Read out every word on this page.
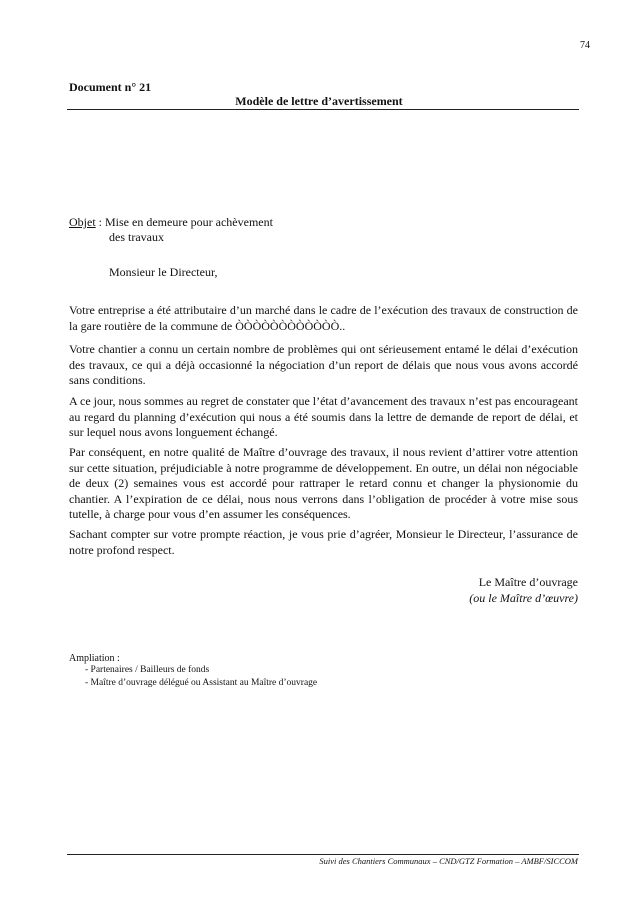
74
Document n° 21
Modèle de lettre d’avertissement
Objet : Mise en demeure pour achèvement
des travaux
Monsieur le Directeur,

Votre entreprise a été attributaire d’un marché dans le cadre de l’exécution des travaux de construction de la gare routière de la commune de ÒÒÒÒÒÒÒÒÒÒÒÒ..

Votre chantier a connu un certain nombre de problèmes qui ont sérieusement entamé le délai d’exécution des travaux, ce qui a déjà occasionné la négociation d’un report de délais que nous vous avons accordé sans conditions.

A ce jour, nous sommes au regret de constater que l’état d’avancement des travaux n’est pas encourageant au regard du planning d’exécution qui nous a été soumis dans la lettre de demande de report de délai, et sur lequel nous avons longuement échangé.

Par conséquent, en notre qualité de Maître d’ouvrage des travaux, il nous revient d’attirer votre attention sur cette situation, préjudiciable à notre programme de développement. En outre, un délai non négociable de deux (2) semaines vous est accordé pour rattraper le retard connu et changer la physionomie du chantier. A l’expiration de ce délai, nous nous verrons dans l’obligation de procéder à votre mise sous tutelle, à charge pour vous d’en assumer les conséquences.

Sachant compter sur votre prompte réaction, je vous prie d’agréer, Monsieur le Directeur, l’assurance de notre profond respect.

Le Maître d’ouvrage
(ou le Maître d’œuvre)
Ampliation :
- Partenaires / Bailleurs de fonds
- Maître d’ouvrage délégué ou Assistant au Maître d’ouvrage
Suivi des Chantiers Communaux – CND/GTZ Formation – AMBF/SICCOM
